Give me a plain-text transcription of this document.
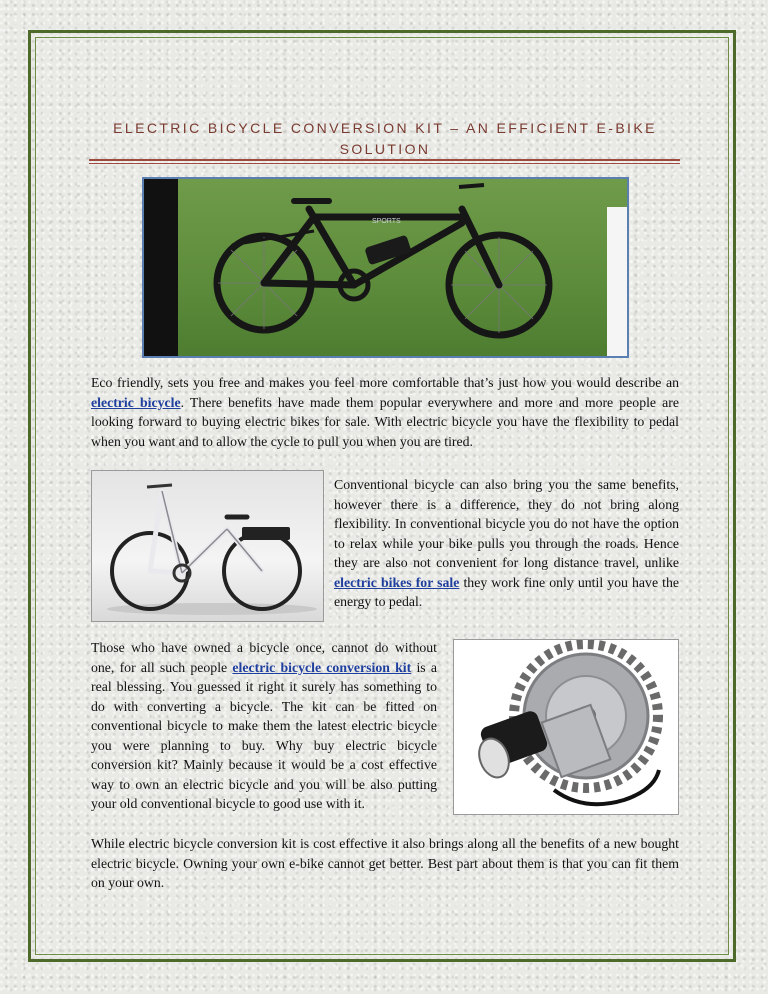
ELECTRIC BICYCLE CONVERSION KIT – AN EFFICIENT E-BIKE SOLUTION
SPORTS

Eco friendly, sets you free and makes you feel more comfortable that’s just how you would describe an electric bicycle. There benefits have made them popular everywhere and more and more people are looking forward to buying electric bikes for sale. With electric bicycle you have the flexibility to pedal when you want and to allow the cycle to pull you when you are tired.

Conventional bicycle can also bring you the same benefits, however there is a difference, they do not bring along flexibility. In conventional bicycle you do not have the option to relax while your bike pulls you through the roads. Hence they are also not convenient for long distance travel, unlike electric bikes for sale they work fine only until you have the energy to pedal.

Those who have owned a bicycle once, cannot do without one, for all such people electric bicycle conversion kit is a real blessing. You guessed it right it surely has something to do with converting a bicycle. The kit can be fitted on conventional bicycle to make them the latest electric bicycle you were planning to buy. Why buy electric bicycle conversion kit? Mainly because it would be a cost effective way to own an electric bicycle and you will be also putting your old conventional bicycle to good use with it.

While electric bicycle conversion kit is cost effective it also brings along all the benefits of a new bought electric bicycle. Owning your own e-bike cannot get better. Best part about them is that you can fit them on your own.
